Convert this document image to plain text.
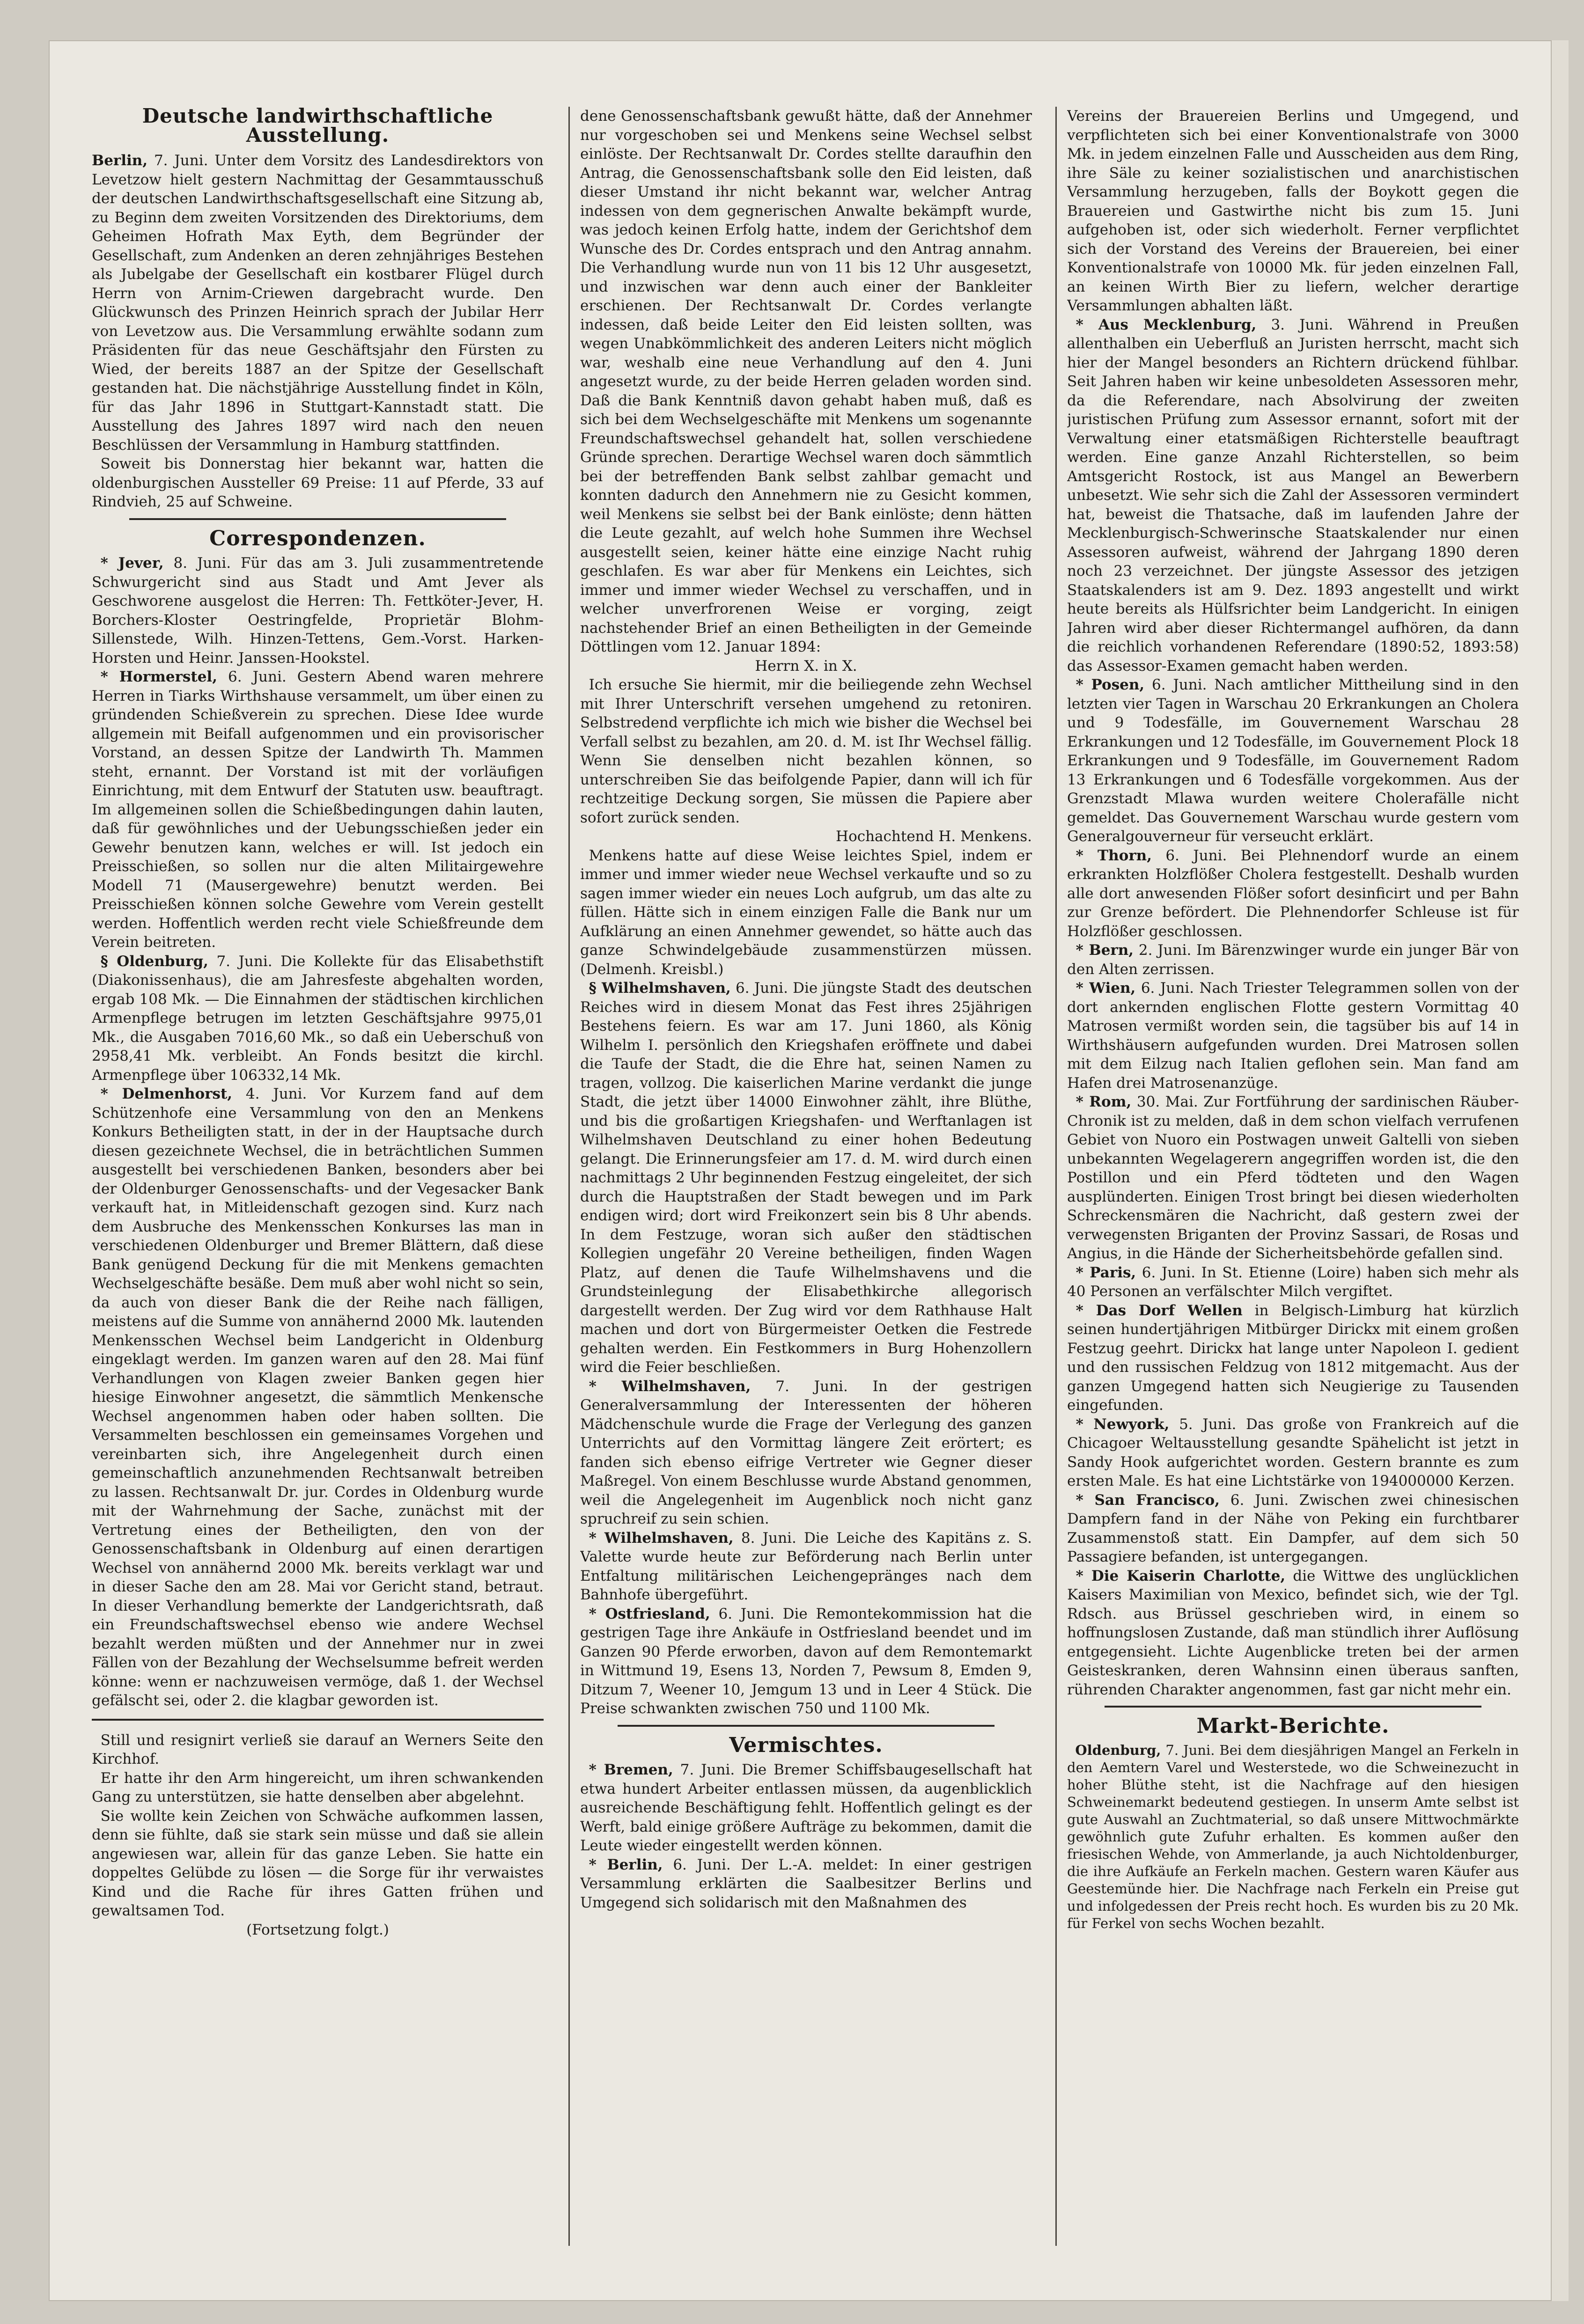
Deutsche landwirthschaftliche Ausstellung.

Berlin, 7. Juni. Unter dem Vorsitz des Landesdirektors von Levetzow hielt gestern Nachmittag der Gesammtausschuß der deutschen Landwirthschaftsgesellschaft eine Sitzung ab, zu Beginn dem zweiten Vorsitzenden des Direktoriums, dem Geheimen Hofrath Max Eyth, dem Begründer der Gesellschaft, zum Andenken an deren zehnjähriges Bestehen als Jubelgabe der Gesellschaft ein kostbarer Flügel durch Herrn von Arnim-Criewen dargebracht wurde. Den Glückwunsch des Prinzen Heinrich sprach der Jubilar Herr von Levetzow aus. Die Versammlung erwählte sodann zum Präsidenten für das neue Geschäftsjahr den Fürsten zu Wied, der bereits 1887 an der Spitze der Gesellschaft gestanden hat. Die nächstjährige Ausstellung findet in Köln, für das Jahr 1896 in Stuttgart-Kannstadt statt. Die Ausstellung des Jahres 1897 wird nach den neuen Beschlüssen der Versammlung in Hamburg stattfinden.

Soweit bis Donnerstag hier bekannt war, hatten die oldenburgischen Aussteller 69 Preise: 11 auf Pferde, 33 auf Rindvieh, 25 auf Schweine.

Correspondenzen.

* Jever, 8. Juni. Für das am 3. Juli zusammentretende Schwurgericht sind aus Stadt und Amt Jever als Geschworene ausgelost die Herren: Th. Fettköter-Jever, H. Borchers-Kloster Oestringfelde, Proprietär Blohm-Sillenstede, Wilh. Hinzen-Tettens, Gem.-Vorst. Harken-Horsten und Heinr. Janssen-Hookstel.

* Hormerstel, 6. Juni. Gestern Abend waren mehrere Herren in Tiarks Wirthshause versammelt, um über einen zu gründenden Schießverein zu sprechen. Diese Idee wurde allgemein mit Beifall aufgenommen und ein provisorischer Vorstand, an dessen Spitze der Landwirth Th. Mammen steht, ernannt. Der Vorstand ist mit der vorläufigen Einrichtung, mit dem Entwurf der Statuten usw. beauftragt. Im allgemeinen sollen die Schießbedingungen dahin lauten, daß für gewöhnliches und der Uebungsschießen jeder ein Gewehr benutzen kann, welches er will. Ist jedoch ein Preisschießen, so sollen nur die alten Militairgewehre Modell 71 (Mausergewehre) benutzt werden. Bei Preisschießen können solche Gewehre vom Verein gestellt werden. Hoffentlich werden recht viele Schießfreunde dem Verein beitreten.

§ Oldenburg, 7. Juni. Die Kollekte für das Elisabethstift (Diakonissenhaus), die am Jahresfeste abgehalten worden, ergab 108 Mk. — Die Einnahmen der städtischen kirchlichen Armenpflege betrugen im letzten Geschäftsjahre 9975,01 Mk., die Ausgaben 7016,60 Mk., so daß ein Ueberschuß von 2958,41 Mk. verbleibt. An Fonds besitzt die kirchl. Armenpflege über 106332,14 Mk.

* Delmenhorst, 4. Juni. Vor Kurzem fand auf dem Schützenhofe eine Versammlung von den an Menkens Konkurs Betheiligten statt, in der in der Hauptsache durch diesen gezeichnete Wechsel, die in beträchtlichen Summen ausgestellt bei verschiedenen Banken, besonders aber bei der Oldenburger Genossenschafts- und der Vegesacker Bank verkauft hat, in Mitleidenschaft gezogen sind. Kurz nach dem Ausbruche des Menkensschen Konkurses las man in verschiedenen Oldenburger und Bremer Blättern, daß diese Bank genügend Deckung für die mit Menkens gemachten Wechselgeschäfte besäße. Dem muß aber wohl nicht so sein, da auch von dieser Bank die der Reihe nach fälligen, meistens auf die Summe von annähernd 2000 Mk. lautenden Menkensschen Wechsel beim Landgericht in Oldenburg eingeklagt werden. Im ganzen waren auf den 28. Mai fünf Verhandlungen von Klagen zweier Banken gegen hier hiesige Einwohner angesetzt, die sämmtlich Menkensche Wechsel angenommen haben oder haben sollten. Die Versammelten beschlossen ein gemeinsames Vorgehen und vereinbarten sich, ihre Angelegenheit durch einen gemeinschaftlich anzunehmenden Rechtsanwalt betreiben zu lassen. Rechtsanwalt Dr. jur. Cordes in Oldenburg wurde mit der Wahrnehmung der Sache, zunächst mit der Vertretung eines der Betheiligten, den von der Genossenschaftsbank in Oldenburg auf einen derartigen Wechsel von annähernd 2000 Mk. bereits verklagt war und in dieser Sache den am 28. Mai vor Gericht stand, betraut. In dieser Verhandlung bemerkte der Landgerichtsrath, daß ein Freundschaftswechsel ebenso wie andere Wechsel bezahlt werden müßten und der Annehmer nur in zwei Fällen von der Bezahlung der Wechselsumme befreit werden könne: wenn er nachzuweisen vermöge, daß 1. der Wechsel gefälscht sei, oder 2. die klagbar geworden ist.

Still und resignirt verließ sie darauf an Werners Seite den Kirchhof.

Er hatte ihr den Arm hingereicht, um ihren schwankenden Gang zu unterstützen, sie hatte denselben aber abgelehnt.

Sie wollte kein Zeichen von Schwäche aufkommen lassen, denn sie fühlte, daß sie stark sein müsse und daß sie allein angewiesen war, allein für das ganze Leben. Sie hatte ein doppeltes Gelübde zu lösen — die Sorge für ihr verwaistes Kind und die Rache für ihres Gatten frühen und gewaltsamen Tod.

(Fortsetzung folgt.)

dene Genossenschaftsbank gewußt hätte, daß der Annehmer nur vorgeschoben sei und Menkens seine Wechsel selbst einlöste. Der Rechtsanwalt Dr. Cordes stellte daraufhin den Antrag, die Genossenschaftsbank solle den Eid leisten, daß dieser Umstand ihr nicht bekannt war, welcher Antrag indessen von dem gegnerischen Anwalte bekämpft wurde, was jedoch keinen Erfolg hatte, indem der Gerichtshof dem Wunsche des Dr. Cordes entsprach und den Antrag annahm. Die Verhandlung wurde nun von 11 bis 12 Uhr ausgesetzt, und inzwischen war denn auch einer der Bankleiter erschienen. Der Rechtsanwalt Dr. Cordes verlangte indessen, daß beide Leiter den Eid leisten sollten, was wegen Unabkömmlichkeit des anderen Leiters nicht möglich war, weshalb eine neue Verhandlung auf den 4. Juni angesetzt wurde, zu der beide Herren geladen worden sind. Daß die Bank Kenntniß davon gehabt haben muß, daß es sich bei dem Wechselgeschäfte mit Menkens um sogenannte Freundschaftswechsel gehandelt hat, sollen verschiedene Gründe sprechen. Derartige Wechsel waren doch sämmtlich bei der betreffenden Bank selbst zahlbar gemacht und konnten dadurch den Annehmern nie zu Gesicht kommen, weil Menkens sie selbst bei der Bank einlöste; denn hätten die Leute gezahlt, auf welch hohe Summen ihre Wechsel ausgestellt seien, keiner hätte eine einzige Nacht ruhig geschlafen. Es war aber für Menkens ein Leichtes, sich immer und immer wieder Wechsel zu verschaffen, und in welcher unverfrorenen Weise er vorging, zeigt nachstehender Brief an einen Betheiligten in der Gemeinde Döttlingen vom 12. Januar 1894:

Herrn X. in X.

Ich ersuche Sie hiermit, mir die beiliegende zehn Wechsel mit Ihrer Unterschrift versehen umgehend zu retoniren. Selbstredend verpflichte ich mich wie bisher die Wechsel bei Verfall selbst zu bezahlen, am 20. d. M. ist Ihr Wechsel fällig. Wenn Sie denselben nicht bezahlen können, so unterschreiben Sie das beifolgende Papier, dann will ich für rechtzeitige Deckung sorgen, Sie müssen die Papiere aber sofort zurück senden.

Hochachtend H. Menkens.

Menkens hatte auf diese Weise leichtes Spiel, indem er immer und immer wieder neue Wechsel verkaufte und so zu sagen immer wieder ein neues Loch aufgrub, um das alte zu füllen. Hätte sich in einem einzigen Falle die Bank nur um Aufklärung an einen Annehmer gewendet, so hätte auch das ganze Schwindelgebäude zusammenstürzen müssen. (Delmenh. Kreisbl.)

§ Wilhelmshaven, 6. Juni. Die jüngste Stadt des deutschen Reiches wird in diesem Monat das Fest ihres 25jährigen Bestehens feiern. Es war am 17. Juni 1860, als König Wilhelm I. persönlich den Kriegshafen eröffnete und dabei die Taufe der Stadt, die die Ehre hat, seinen Namen zu tragen, vollzog. Die kaiserlichen Marine verdankt die junge Stadt, die jetzt über 14000 Einwohner zählt, ihre Blüthe, und bis die großartigen Kriegshafen- und Werftanlagen ist Wilhelmshaven Deutschland zu einer hohen Bedeutung gelangt. Die Erinnerungsfeier am 17. d. M. wird durch einen nachmittags 2 Uhr beginnenden Festzug eingeleitet, der sich durch die Hauptstraßen der Stadt bewegen und im Park endigen wird; dort wird Freikonzert sein bis 8 Uhr abends. In dem Festzuge, woran sich außer den städtischen Kollegien ungefähr 20 Vereine betheiligen, finden Wagen Platz, auf denen die Taufe Wilhelmshavens und die Grundsteinlegung der Elisabethkirche allegorisch dargestellt werden. Der Zug wird vor dem Rathhause Halt machen und dort von Bürgermeister Oetken die Festrede gehalten werden. Ein Festkommers in Burg Hohenzollern wird die Feier beschließen.

* Wilhelmshaven, 7. Juni. In der gestrigen Generalversammlung der Interessenten der höheren Mädchenschule wurde die Frage der Verlegung des ganzen Unterrichts auf den Vormittag längere Zeit erörtert; es fanden sich ebenso eifrige Vertreter wie Gegner dieser Maßregel. Von einem Beschlusse wurde Abstand genommen, weil die Angelegenheit im Augenblick noch nicht ganz spruchreif zu sein schien.

* Wilhelmshaven, 8. Juni. Die Leiche des Kapitäns z. S. Valette wurde heute zur Beförderung nach Berlin unter Entfaltung militärischen Leichengepränges nach dem Bahnhofe übergeführt.

* Ostfriesland, 6. Juni. Die Remontekommission hat die gestrigen Tage ihre Ankäufe in Ostfriesland beendet und im Ganzen 90 Pferde erworben, davon auf dem Remontemarkt in Wittmund 19, Esens 13, Norden 7, Pewsum 8, Emden 9, Ditzum 7, Weener 10, Jemgum 13 und in Leer 4 Stück. Die Preise schwankten zwischen 750 und 1100 Mk.

Vermischtes.

* Bremen, 7. Juni. Die Bremer Schiffsbaugesellschaft hat etwa hundert Arbeiter entlassen müssen, da augenblicklich ausreichende Beschäftigung fehlt. Hoffentlich gelingt es der Werft, bald einige größere Aufträge zu bekommen, damit die Leute wieder eingestellt werden können.

* Berlin, 6. Juni. Der L.-A. meldet: In einer gestrigen Versammlung erklärten die Saalbesitzer Berlins und Umgegend sich solidarisch mit den Maßnahmen des

Vereins der Brauereien Berlins und Umgegend, und verpflichteten sich bei einer Konventionalstrafe von 3000 Mk. in jedem einzelnen Falle und Ausscheiden aus dem Ring, ihre Säle zu keiner sozialistischen und anarchistischen Versammlung herzugeben, falls der Boykott gegen die Brauereien und Gastwirthe nicht bis zum 15. Juni aufgehoben ist, oder sich wiederholt. Ferner verpflichtet sich der Vorstand des Vereins der Brauereien, bei einer Konventionalstrafe von 10000 Mk. für jeden einzelnen Fall, an keinen Wirth Bier zu liefern, welcher derartige Versammlungen abhalten läßt.

* Aus Mecklenburg, 3. Juni. Während in Preußen allenthalben ein Ueberfluß an Juristen herrscht, macht sich hier der Mangel besonders an Richtern drückend fühlbar. Seit Jahren haben wir keine unbesoldeten Assessoren mehr, da die Referendare, nach Absolvirung der zweiten juristischen Prüfung zum Assessor ernannt, sofort mit der Verwaltung einer etatsmäßigen Richterstelle beauftragt werden. Eine ganze Anzahl Richterstellen, so beim Amtsgericht Rostock, ist aus Mangel an Bewerbern unbesetzt. Wie sehr sich die Zahl der Assessoren vermindert hat, beweist die Thatsache, daß im laufenden Jahre der Mecklenburgisch-Schwerinsche Staatskalender nur einen Assessoren aufweist, während der Jahrgang 1890 deren noch 23 verzeichnet. Der jüngste Assessor des jetzigen Staatskalenders ist am 9. Dez. 1893 angestellt und wirkt heute bereits als Hülfsrichter beim Landgericht. In einigen Jahren wird aber dieser Richtermangel aufhören, da dann die reichlich vorhandenen Referendare (1890:52, 1893:58) das Assessor-Examen gemacht haben werden.

* Posen, 6. Juni. Nach amtlicher Mittheilung sind in den letzten vier Tagen in Warschau 20 Erkrankungen an Cholera und 9 Todesfälle, im Gouvernement Warschau 28 Erkrankungen und 12 Todesfälle, im Gouvernement Plock 18 Erkrankungen und 9 Todesfälle, im Gouvernement Radom 13 Erkrankungen und 6 Todesfälle vorgekommen. Aus der Grenzstadt Mlawa wurden weitere Cholerafälle nicht gemeldet. Das Gouvernement Warschau wurde gestern vom Generalgouverneur für verseucht erklärt.

* Thorn, 6. Juni. Bei Plehnendorf wurde an einem erkrankten Holzflößer Cholera festgestellt. Deshalb wurden alle dort anwesenden Flößer sofort desinficirt und per Bahn zur Grenze befördert. Die Plehnendorfer Schleuse ist für Holzflößer geschlossen.

* Bern, 2. Juni. Im Bärenzwinger wurde ein junger Bär von den Alten zerrissen.

* Wien, 6. Juni. Nach Triester Telegrammen sollen von der dort ankernden englischen Flotte gestern Vormittag 40 Matrosen vermißt worden sein, die tagsüber bis auf 14 in Wirthshäusern aufgefunden wurden. Drei Matrosen sollen mit dem Eilzug nach Italien geflohen sein. Man fand am Hafen drei Matrosenanzüge.

* Rom, 30. Mai. Zur Fortführung der sardinischen Räuber-Chronik ist zu melden, daß in dem schon vielfach verrufenen Gebiet von Nuoro ein Postwagen unweit Galtelli von sieben unbekannten Wegelagerern angegriffen worden ist, die den Postillon und ein Pferd tödteten und den Wagen ausplünderten. Einigen Trost bringt bei diesen wiederholten Schreckensmären die Nachricht, daß gestern zwei der verwegensten Briganten der Provinz Sassari, de Rosas und Angius, in die Hände der Sicherheitsbehörde gefallen sind.

* Paris, 6. Juni. In St. Etienne (Loire) haben sich mehr als 40 Personen an verfälschter Milch vergiftet.

* Das Dorf Wellen in Belgisch-Limburg hat kürzlich seinen hundertjährigen Mitbürger Dirickx mit einem großen Festzug geehrt. Dirickx hat lange unter Napoleon I. gedient und den russischen Feldzug von 1812 mitgemacht. Aus der ganzen Umgegend hatten sich Neugierige zu Tausenden eingefunden.

* Newyork, 5. Juni. Das große von Frankreich auf die Chicagoer Weltausstellung gesandte Spähelicht ist jetzt in Sandy Hook aufgerichtet worden. Gestern brannte es zum ersten Male. Es hat eine Lichtstärke von 194000000 Kerzen.

* San Francisco, 6. Juni. Zwischen zwei chinesischen Dampfern fand in der Nähe von Peking ein furchtbarer Zusammenstoß statt. Ein Dampfer, auf dem sich 50 Passagiere befanden, ist untergegangen.

* Die Kaiserin Charlotte, die Wittwe des unglücklichen Kaisers Maximilian von Mexico, befindet sich, wie der Tgl. Rdsch. aus Brüssel geschrieben wird, in einem so hoffnungslosen Zustande, daß man stündlich ihrer Auflösung entgegensieht. Lichte Augenblicke treten bei der armen Geisteskranken, deren Wahnsinn einen überaus sanften, rührenden Charakter angenommen, fast gar nicht mehr ein.

Markt-Berichte.

Oldenburg, 7. Juni. Bei dem diesjährigen Mangel an Ferkeln in den Aemtern Varel und Westerstede, wo die Schweinezucht in hoher Blüthe steht, ist die Nachfrage auf den hiesigen Schweinemarkt bedeutend gestiegen. In unserm Amte selbst ist gute Auswahl an Zuchtmaterial, so daß unsere Mittwochmärkte gewöhnlich gute Zufuhr erhalten. Es kommen außer den friesischen Wehde, von Ammerlande, ja auch Nichtoldenburger, die ihre Aufkäufe an Ferkeln machen. Gestern waren Käufer aus Geestemünde hier. Die Nachfrage nach Ferkeln ein Preise gut und infolgedessen der Preis recht hoch. Es wurden bis zu 20 Mk. für Ferkel von sechs Wochen bezahlt.
